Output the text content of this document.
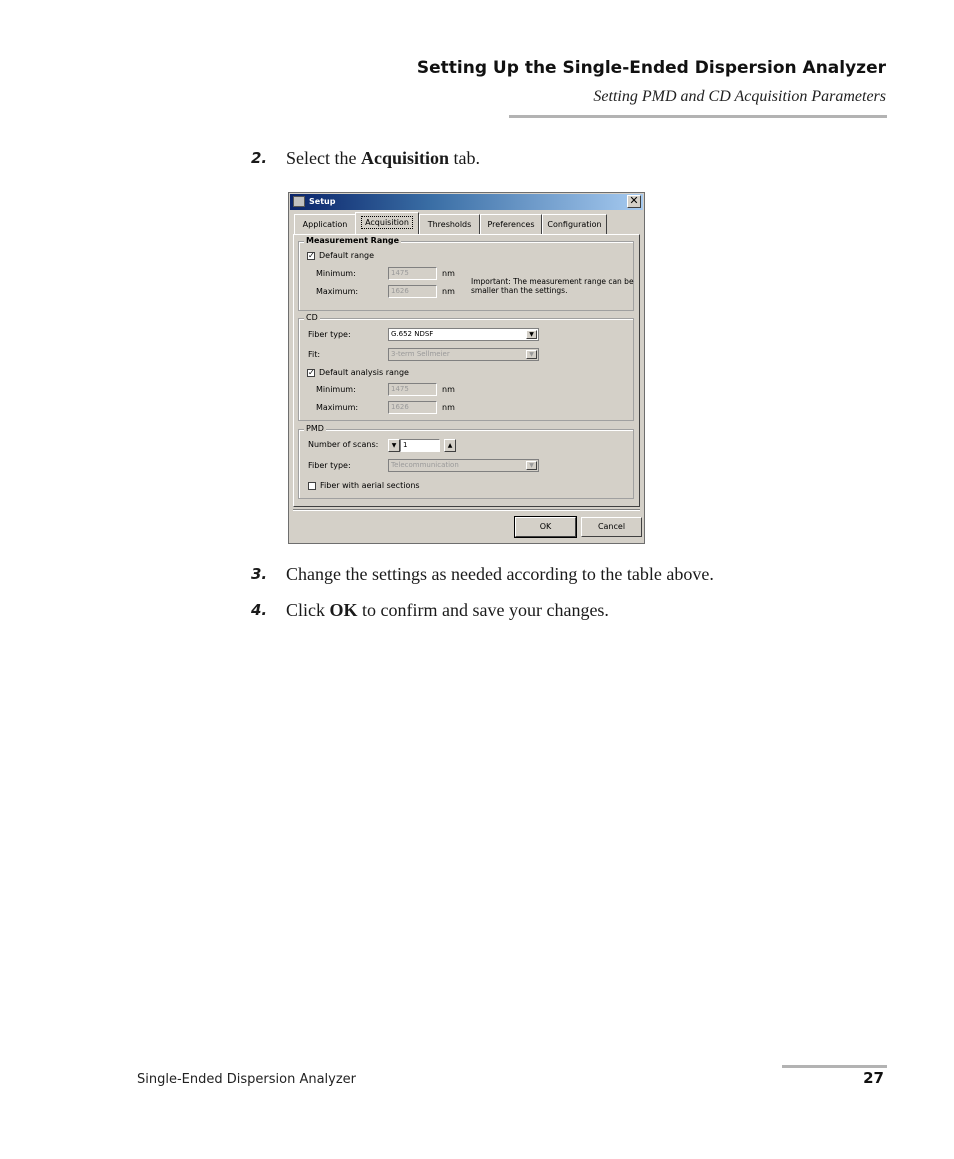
Setting Up the Single-Ended Dispersion Analyzer
Setting PMD and CD Acquisition Parameters
2. Select the Acquisition tab.
Setup	✕
Application	Acquisition	Thresholds	Preferences	Configuration
Measurement Range
✓ Default range
Minimum:	1475	nm
Maximum:	1626	nm
Important: The measurement range can be
smaller than the settings.
CD
Fiber type:	G.652 NDSF	▼
Fit:	3-term Sellmeier	▼
✓ Default analysis range
Minimum:	1475	nm
Maximum:	1626	nm
PMD
Number of scans:	▼ 1	▲
Fiber type:	Telecommunication	▼
Fiber with aerial sections
OK	Cancel
3. Change the settings as needed according to the table above.
4. Click OK to confirm and save your changes.
Single-Ended Dispersion Analyzer	27
